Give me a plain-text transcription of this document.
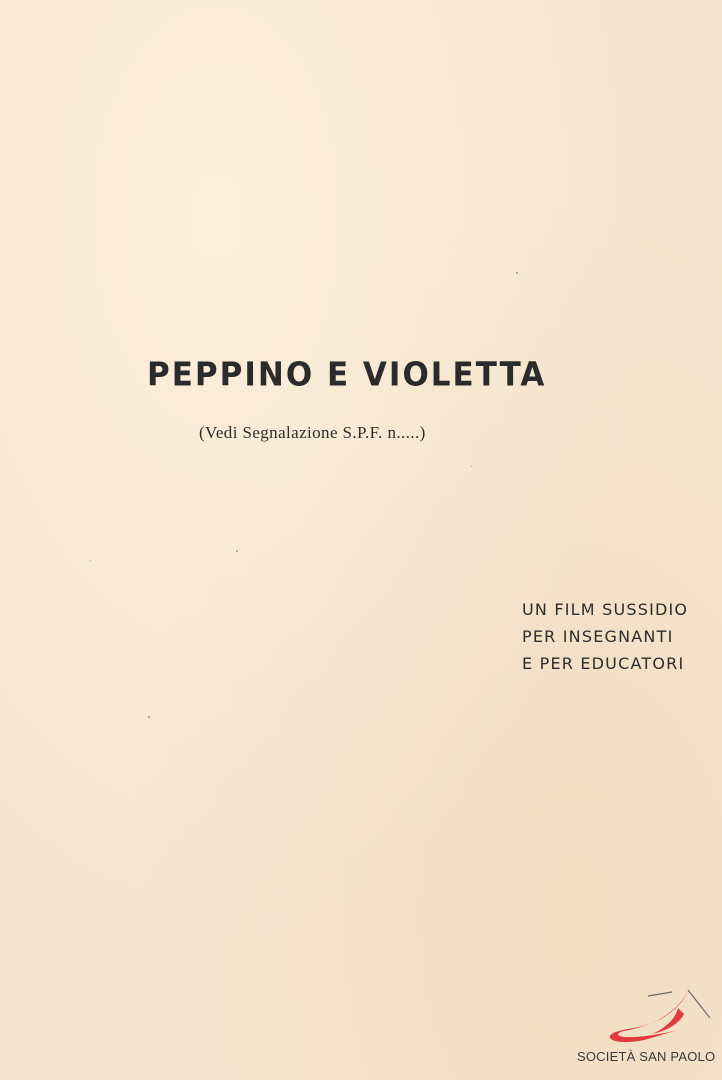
PEPPINO E VIOLETTA
(Vedi Segnalazione S.P.F. n.....)
UN FILM SUSSIDIO
PER INSEGNANTI
E PER EDUCATORI
SOCIETÀ SAN PAOLO
